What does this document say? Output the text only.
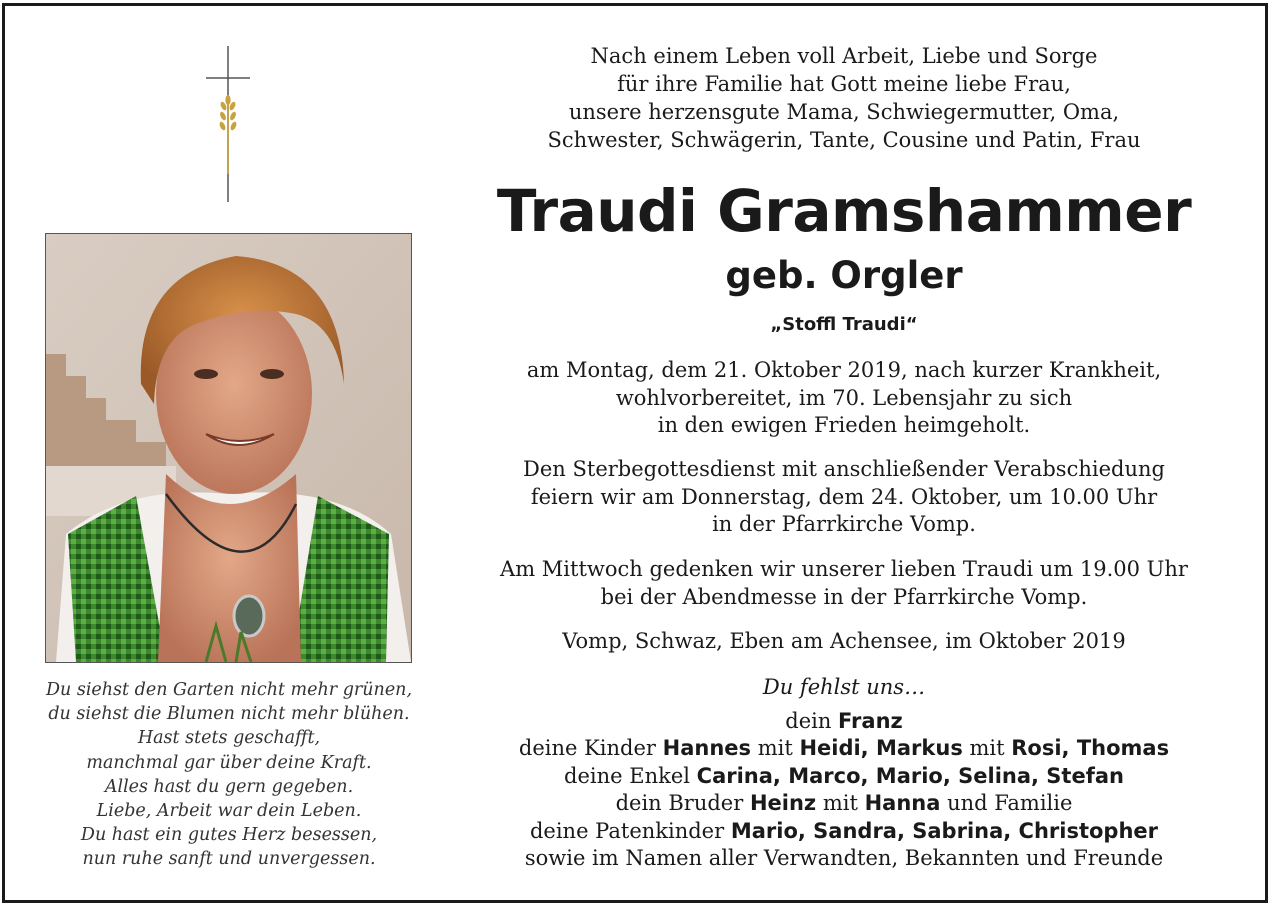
Du siehst den Garten nicht mehr grünen,
du siehst die Blumen nicht mehr blühen.
Hast stets geschafft,
manchmal gar über deine Kraft.
Alles hast du gern gegeben.
Liebe, Arbeit war dein Leben.
Du hast ein gutes Herz besessen,
nun ruhe sanft und unvergessen.
Nach einem Leben voll Arbeit, Liebe und Sorge
für ihre Familie hat Gott meine liebe Frau,
unsere herzensgute Mama, Schwiegermutter, Oma,
Schwester, Schwägerin, Tante, Cousine und Patin, Frau
Traudi Gramshammer
geb. Orgler
„Stoffl Traudi“
am Montag, dem 21. Oktober 2019, nach kurzer Krankheit,
wohlvorbereitet, im 70. Lebensjahr zu sich
in den ewigen Frieden heimgeholt.
Den Sterbegottesdienst mit anschließender Verabschiedung
feiern wir am Donnerstag, dem 24. Oktober, um 10.00 Uhr
in der Pfarrkirche Vomp.
Am Mittwoch gedenken wir unserer lieben Traudi um 19.00 Uhr
bei der Abendmesse in der Pfarrkirche Vomp.
Vomp, Schwaz, Eben am Achensee, im Oktober 2019
Du fehlst uns…
dein Franz
deine Kinder Hannes mit Heidi, Markus mit Rosi, Thomas
deine Enkel Carina, Marco, Mario, Selina, Stefan
dein Bruder Heinz mit Hanna und Familie
deine Patenkinder Mario, Sandra, Sabrina, Christopher
sowie im Namen aller Verwandten, Bekannten und Freunde
